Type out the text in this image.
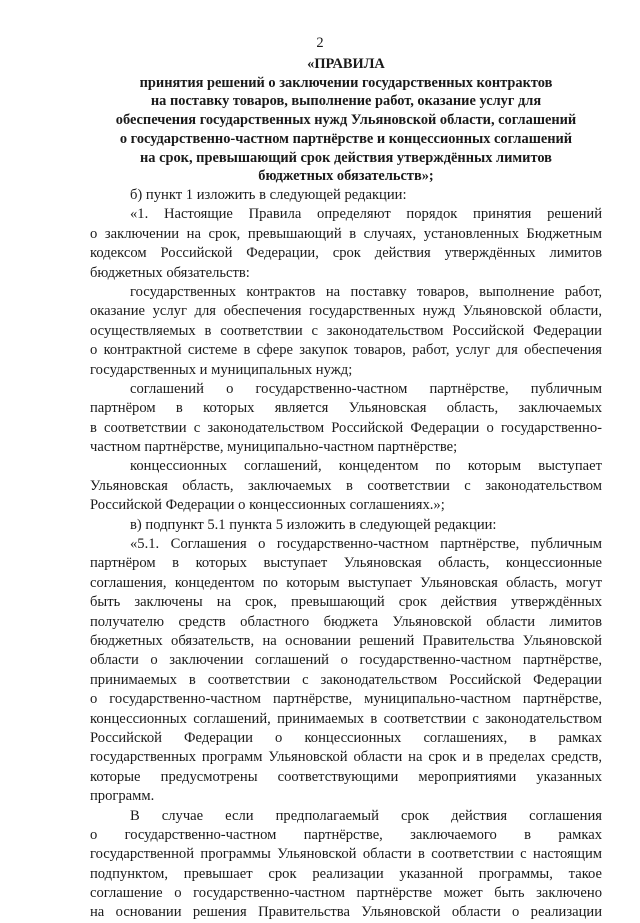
2
«ПРАВИЛА
принятия решений о заключении государственных контрактов
на поставку товаров, выполнение работ, оказание услуг для
обеспечения государственных нужд Ульяновской области, соглашений
о государственно-частном партнёрстве и концессионных соглашений
на срок, превышающий срок действия утверждённых лимитов
бюджетных обязательств»;
б) пункт 1 изложить в следующей редакции:
«1. Настоящие Правила определяют порядок принятия решений
о заключении на срок, превышающий в случаях, установленных Бюджетным
кодексом Российской Федерации, срок действия утверждённых лимитов
бюджетных обязательств:
государственных контрактов на поставку товаров, выполнение работ,
оказание услуг для обеспечения государственных нужд Ульяновской области,
осуществляемых в соответствии с законодательством Российской Федерации
о контрактной системе в сфере закупок товаров, работ, услуг для обеспечения
государственных и муниципальных нужд;
соглашений о государственно-частном партнёрстве, публичным
партнёром в которых является Ульяновская область, заключаемых
в соответствии с законодательством Российской Федерации о государственно-
частном партнёрстве, муниципально-частном партнёрстве;
концессионных соглашений, концедентом по которым выступает
Ульяновская область, заключаемых в соответствии с законодательством
Российской Федерации о концессионных соглашениях.»;
в) подпункт 5.1 пункта 5 изложить в следующей редакции:
«5.1. Соглашения о государственно-частном партнёрстве, публичным
партнёром в которых выступает Ульяновская область, концессионные
соглашения, концедентом по которым выступает Ульяновская область, могут
быть заключены на срок, превышающий срок действия утверждённых
получателю средств областного бюджета Ульяновской области лимитов
бюджетных обязательств, на основании решений Правительства Ульяновской
области о заключении соглашений о государственно-частном партнёрстве,
принимаемых в соответствии с законодательством Российской Федерации
о государственно-частном партнёрстве, муниципально-частном партнёрстве,
концессионных соглашений, принимаемых в соответствии с законодательством
Российской Федерации о концессионных соглашениях, в рамках
государственных программ Ульяновской области на срок и в пределах средств,
которые предусмотрены соответствующими мероприятиями указанных
программ.
В случае если предполагаемый срок действия соглашения
о государственно-частном партнёрстве, заключаемого в рамках
государственной программы Ульяновской области в соответствии с настоящим
подпунктом, превышает срок реализации указанной программы, такое
соглашение о государственно-частном партнёрстве может быть заключено
на основании решения Правительства Ульяновской области о реализации
